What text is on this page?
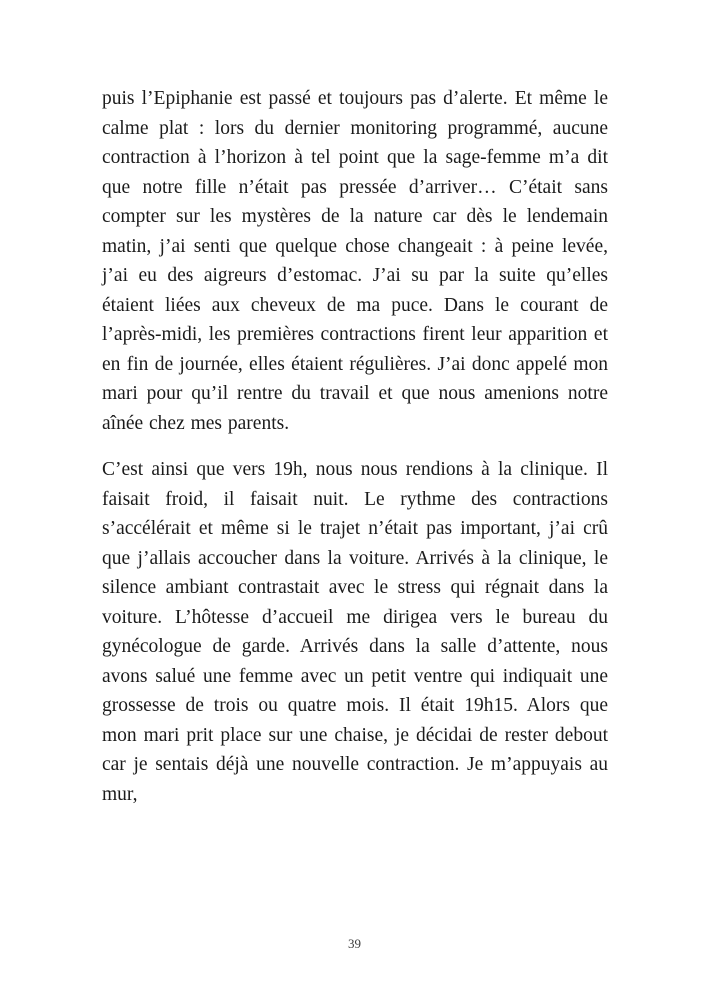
puis l’Epiphanie est passé et toujours pas d’alerte. Et même le calme plat : lors du dernier monitoring programmé, aucune contraction à l’horizon à tel point que la sage-femme m’a dit que notre fille n’était pas pressée d’arriver… C’était sans compter sur les mystères de la nature car dès le lendemain matin, j’ai senti que quelque chose changeait : à peine levée, j’ai eu des aigreurs d’estomac. J’ai su par la suite qu’elles étaient liées aux cheveux de ma puce. Dans le courant de l’après-midi, les premières contractions firent leur apparition et en fin de journée, elles étaient régulières. J’ai donc appelé mon mari pour qu’il rentre du travail et que nous amenions notre aînée chez mes parents.

C’est ainsi que vers 19h, nous nous rendions à la clinique. Il faisait froid, il faisait nuit. Le rythme des contractions s’accélérait et même si le trajet n’était pas important, j’ai crû que j’allais accoucher dans la voiture. Arrivés à la clinique, le silence ambiant contrastait avec le stress qui régnait dans la voiture. L’hôtesse d’accueil me dirigea vers le bureau du gynécologue de garde. Arrivés dans la salle d’attente, nous avons salué une femme avec un petit ventre qui indiquait une grossesse de trois ou quatre mois. Il était 19h15. Alors que mon mari prit place sur une chaise, je décidai de rester debout car je sentais déjà une nouvelle contraction. Je m’appuyais au mur,

39
